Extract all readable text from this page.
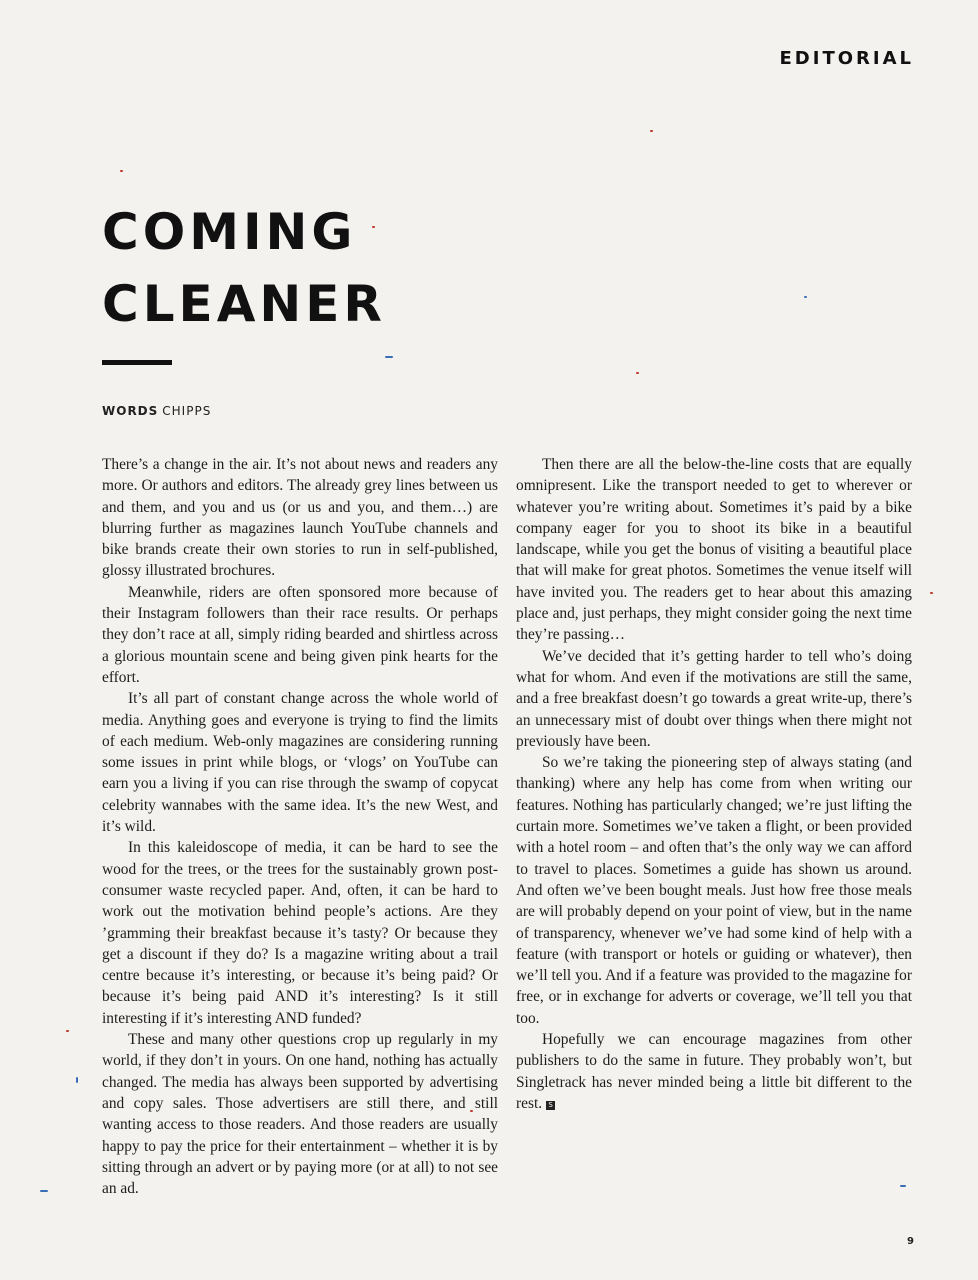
EDITORIAL
COMING
CLEANER
WORDS CHIPPS

There’s a change in the air. It’s not about news and readers any more. Or authors and editors. The already grey lines between us and them, and you and us (or us and you, and them…) are blurring further as magazines launch YouTube channels and bike brands create their own stories to run in self-published, glossy illustrated brochures.

Meanwhile, riders are often sponsored more because of their Instagram followers than their race results. Or perhaps they don’t race at all, simply riding bearded and shirtless across a glorious mountain scene and being given pink hearts for the effort.

It’s all part of constant change across the whole world of media. Anything goes and everyone is trying to find the limits of each medium. Web-only magazines are considering running some issues in print while blogs, or ‘vlogs’ on YouTube can earn you a living if you can rise through the swamp of copycat celebrity wannabes with the same idea. It’s the new West, and it’s wild.

In this kaleidoscope of media, it can be hard to see the wood for the trees, or the trees for the sustainably grown post-consumer waste recycled paper. And, often, it can be hard to work out the motivation behind people’s actions. Are they ’gramming their breakfast because it’s tasty? Or because they get a discount if they do? Is a magazine writing about a trail centre because it’s interesting, or because it’s being paid? Or because it’s being paid AND it’s interesting? Is it still interesting if it’s interesting AND funded?

These and many other questions crop up regularly in my world, if they don’t in yours. On one hand, nothing has actually changed. The media has always been supported by advertising and copy sales. Those advertisers are still there, and still wanting access to those readers. And those readers are usually happy to pay the price for their entertainment – whether it is by sitting through an advert or by paying more (or at all) to not see an ad.

Then there are all the below-the-line costs that are equally omnipresent. Like the transport needed to get to wherever or whatever you’re writing about. Sometimes it’s paid by a bike company eager for you to shoot its bike in a beautiful landscape, while you get the bonus of visiting a beautiful place that will make for great photos. Sometimes the venue itself will have invited you. The readers get to hear about this amazing place and, just perhaps, they might consider going the next time they’re passing…

We’ve decided that it’s getting harder to tell who’s doing what for whom. And even if the motivations are still the same, and a free breakfast doesn’t go towards a great write-up, there’s an unnecessary mist of doubt over things when there might not previously have been.

So we’re taking the pioneering step of always stating (and thanking) where any help has come from when writing our features. Nothing has particularly changed; we’re just lifting the curtain more. Sometimes we’ve taken a flight, or been provided with a hotel room – and often that’s the only way we can afford to travel to places. Sometimes a guide has shown us around. And often we’ve been bought meals. Just how free those meals are will probably depend on your point of view, but in the name of transparency, whenever we’ve had some kind of help with a feature (with transport or hotels or guiding or whatever), then we’ll tell you. And if a feature was provided to the magazine for free, or in exchange for adverts or coverage, we’ll tell you that too.

Hopefully we can encourage magazines from other publishers to do the same in future. They probably won’t, but Singletrack has never minded being a little bit different to the rest. S

9
